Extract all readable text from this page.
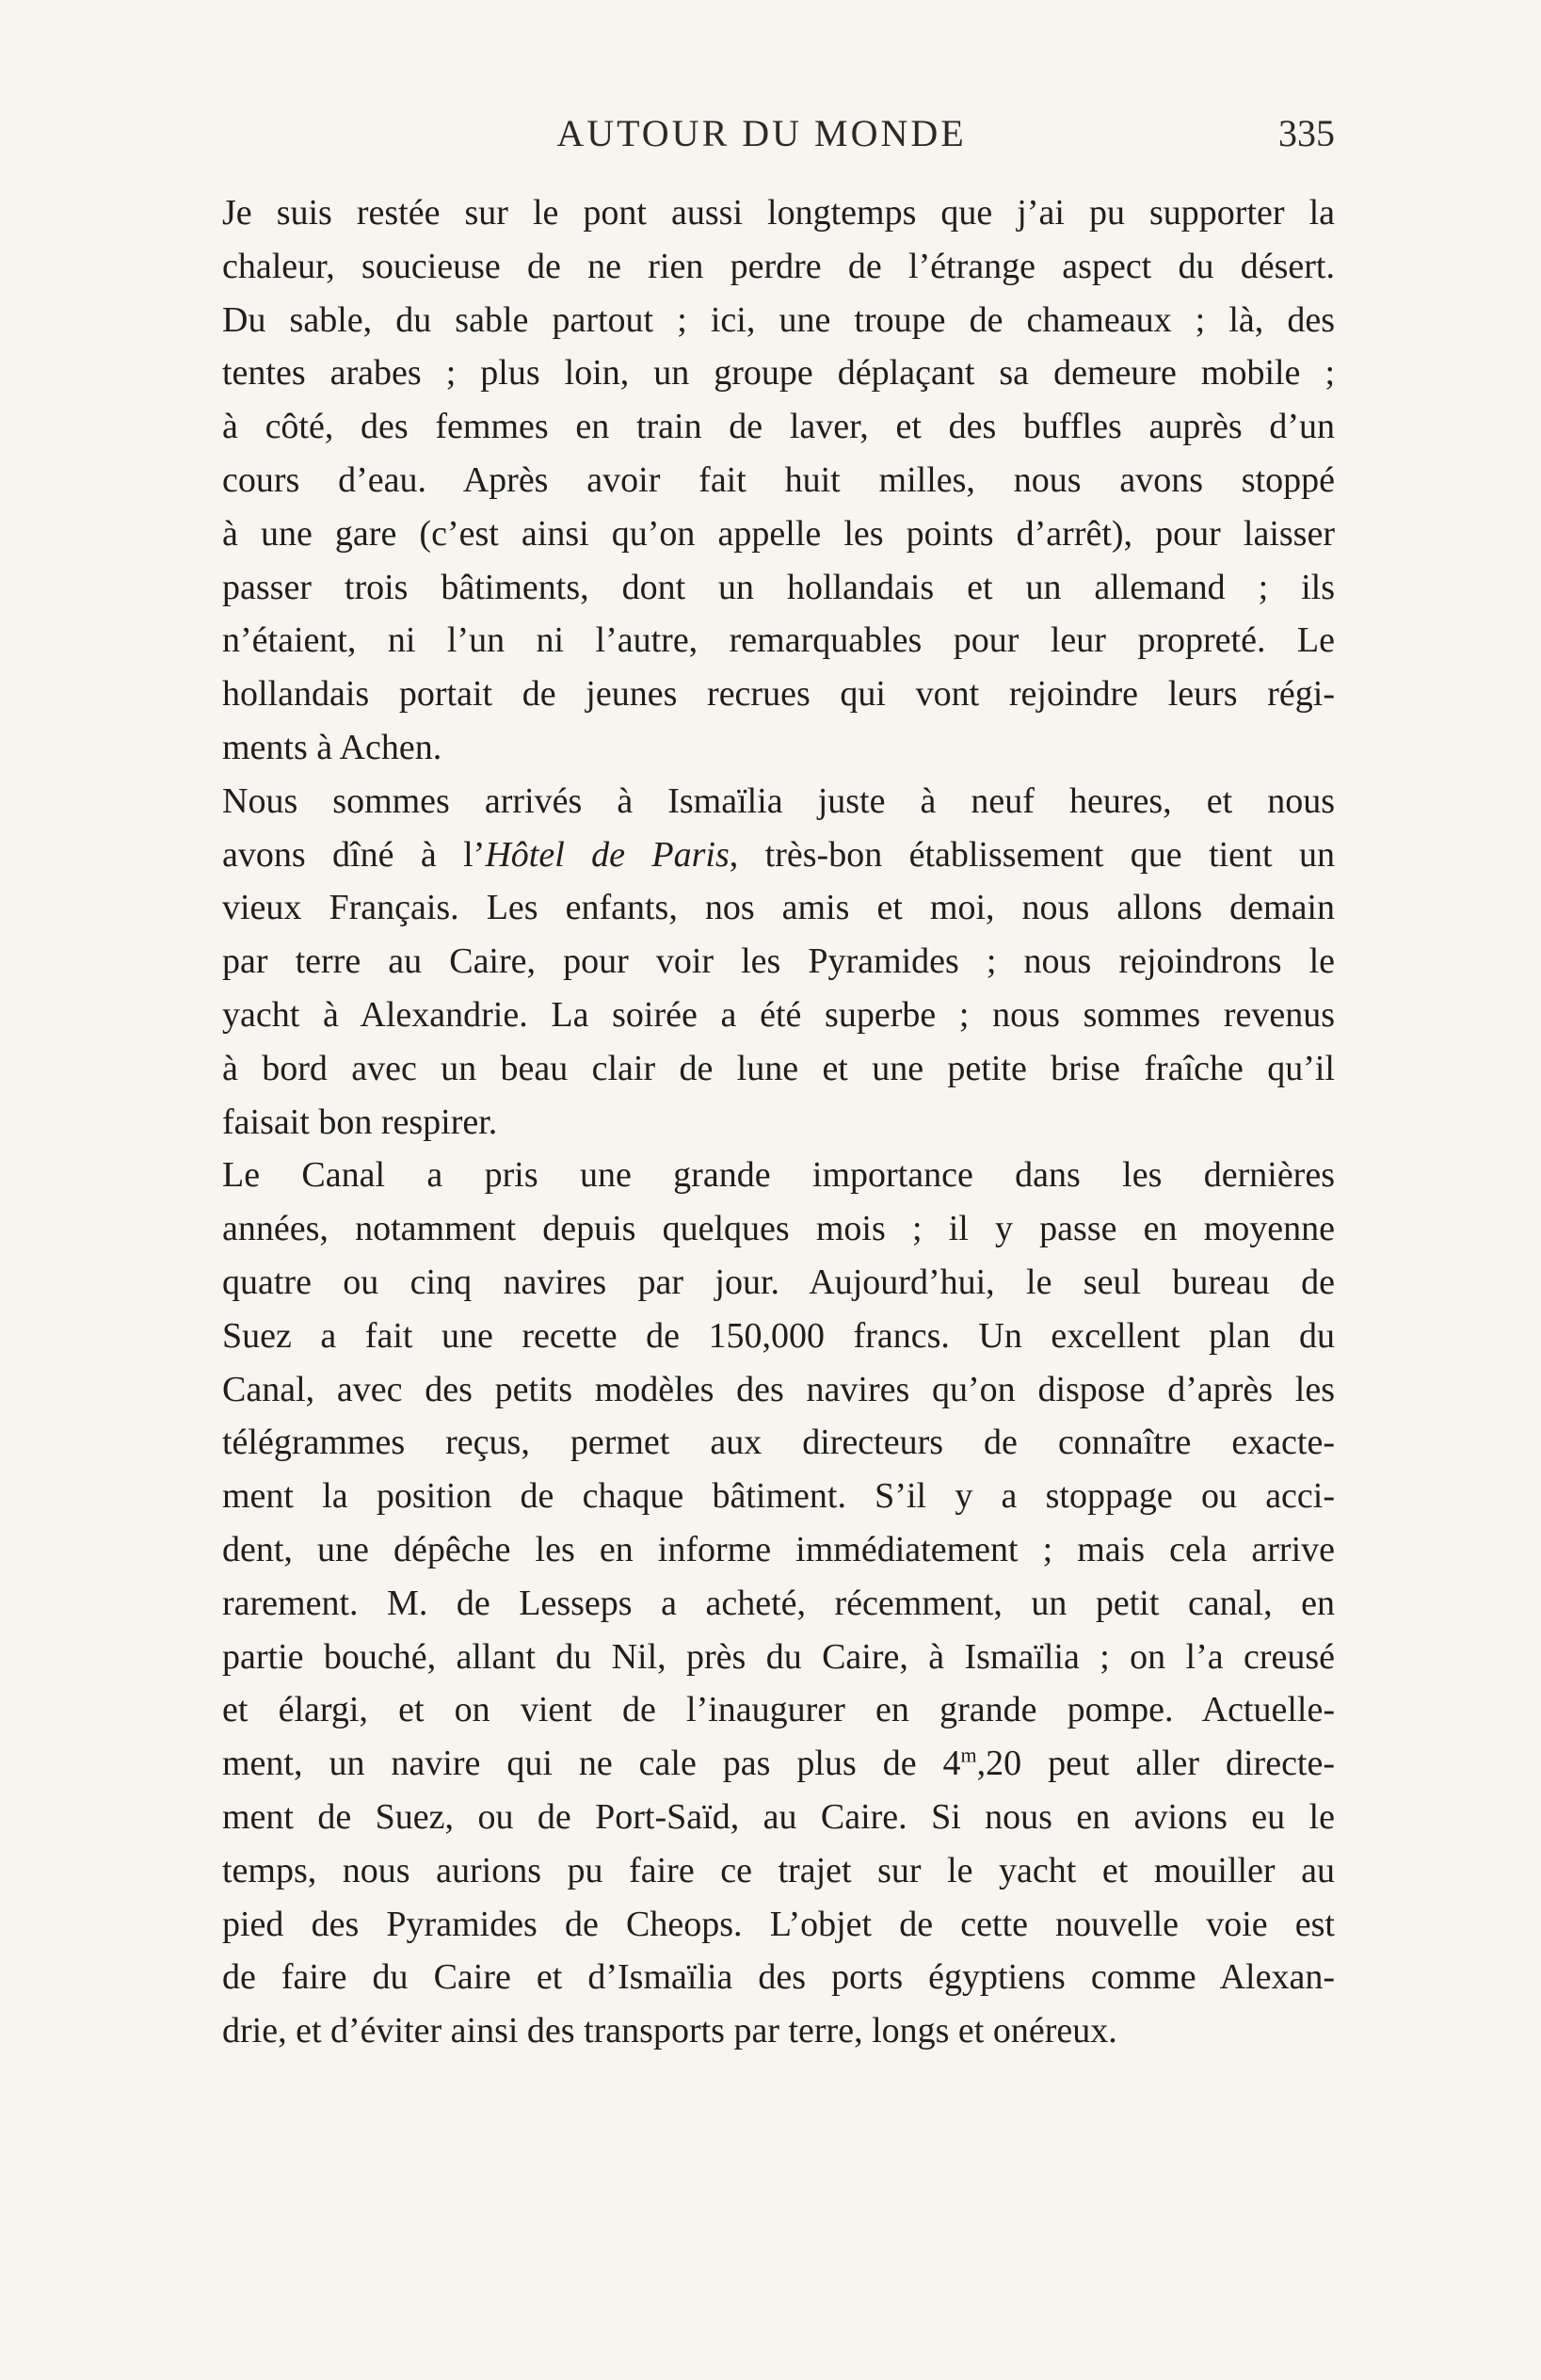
AUTOUR DU MONDE	335

Je suis restée sur le pont aussi longtemps que j’ai pu supporter la
chaleur, soucieuse de ne rien perdre de l’étrange aspect du désert.
Du sable, du sable partout ; ici, une troupe de chameaux ; là, des
tentes arabes ; plus loin, un groupe déplaçant sa demeure mobile ;
à côté, des femmes en train de laver, et des buffles auprès d’un
cours d’eau. Après avoir fait huit milles, nous avons stoppé
à une gare (c’est ainsi qu’on appelle les points d’arrêt), pour laisser
passer trois bâtiments, dont un hollandais et un allemand ; ils
n’étaient, ni l’un ni l’autre, remarquables pour leur propreté. Le
hollandais portait de jeunes recrues qui vont rejoindre leurs régi-
ments à Achen.

Nous sommes arrivés à Ismaïlia juste à neuf heures, et nous
avons dîné à l’Hôtel de Paris, très-bon établissement que tient un
vieux Français. Les enfants, nos amis et moi, nous allons demain
par terre au Caire, pour voir les Pyramides ; nous rejoindrons le
yacht à Alexandrie. La soirée a été superbe ; nous sommes revenus
à bord avec un beau clair de lune et une petite brise fraîche qu’il
faisait bon respirer.

Le Canal a pris une grande importance dans les dernières
années, notamment depuis quelques mois ; il y passe en moyenne
quatre ou cinq navires par jour. Aujourd’hui, le seul bureau de
Suez a fait une recette de 150,000 francs. Un excellent plan du
Canal, avec des petits modèles des navires qu’on dispose d’après les
télégrammes reçus, permet aux directeurs de connaître exacte-
ment la position de chaque bâtiment. S’il y a stoppage ou acci-
dent, une dépêche les en informe immédiatement ; mais cela arrive
rarement. M. de Lesseps a acheté, récemment, un petit canal, en
partie bouché, allant du Nil, près du Caire, à Ismaïlia ; on l’a creusé
et élargi, et on vient de l’inaugurer en grande pompe. Actuelle-
ment, un navire qui ne cale pas plus de 4$^m$,20 peut aller directe-
ment de Suez, ou de Port-Saïd, au Caire. Si nous en avions eu le
temps, nous aurions pu faire ce trajet sur le yacht et mouiller au
pied des Pyramides de Cheops. L’objet de cette nouvelle voie est
de faire du Caire et d’Ismaïlia des ports égyptiens comme Alexan-
drie, et d’éviter ainsi des transports par terre, longs et onéreux.
